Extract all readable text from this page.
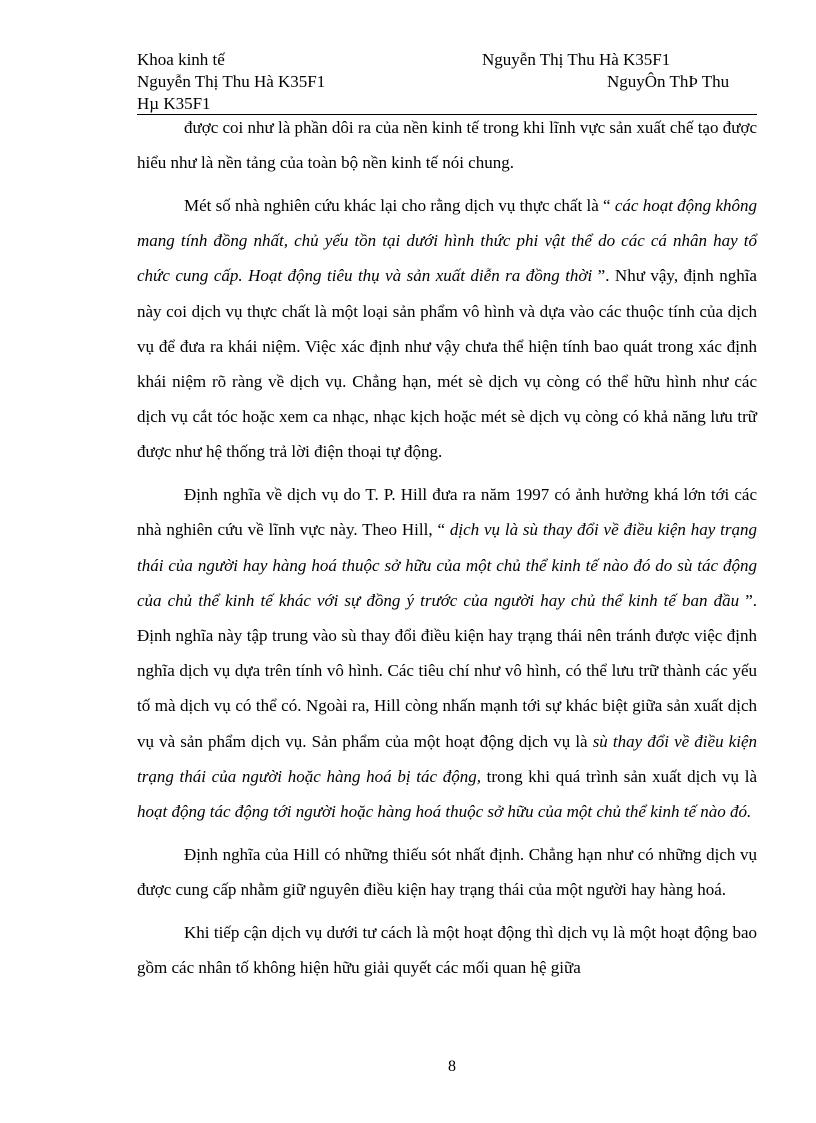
Khoa kinh tế	Nguyễn Thị Thu Hà K35F1
Nguyễn Thị Thu Hà K35F1	NguyÔn ThÞ Thu
Hµ K35F1

được coi như là phần dôi ra của nền kinh tế trong khi lĩnh vực sản xuất chế tạo được hiểu như là nền tảng của toàn bộ nền kinh tế nói chung.

Mét số nhà nghiên cứu khác lại cho rằng dịch vụ thực chất là “ các hoạt động không mang tính đồng nhất, chủ yếu tồn tại dưới hình thức phi vật thể do các cá nhân hay tổ chức cung cấp. Hoạt động tiêu thụ và sản xuất diễn ra đồng thời ”. Như vậy, định nghĩa này coi dịch vụ thực chất là một loại sản phẩm vô hình và dựa vào các thuộc tính của dịch vụ để đưa ra khái niệm. Việc xác định như vậy chưa thể hiện tính bao quát trong xác định khái niệm rõ ràng về dịch vụ. Chẳng hạn, mét sè dịch vụ còng có thể hữu hình như các dịch vụ cắt tóc hoặc xem ca nhạc, nhạc kịch hoặc mét sè dịch vụ còng có khả năng lưu trữ được như hệ thống trả lời điện thoại tự động.

Định nghĩa về dịch vụ do T. P. Hill đưa ra năm 1997 có ảnh hưởng khá lớn tới các nhà nghiên cứu về lĩnh vực này. Theo Hill, “ dịch vụ là sù thay đổi về điều kiện hay trạng thái của người hay hàng hoá thuộc sở hữu của một chủ thể kinh tế nào đó do sù tác động của chủ thể kinh tế khác với sự đồng ý trước của người hay chủ thể kinh tế ban đầu ”. Định nghĩa này tập trung vào sù thay đổi điều kiện hay trạng thái nên tránh được việc định nghĩa dịch vụ dựa trên tính vô hình. Các tiêu chí như vô hình, có thể lưu trữ thành các yếu tố mà dịch vụ có thể có. Ngoài ra, Hill còng nhấn mạnh tới sự khác biệt giữa sản xuất dịch vụ và sản phẩm dịch vụ. Sản phẩm của một hoạt động dịch vụ là sù thay đổi về điều kiện trạng thái của người hoặc hàng hoá bị tác động, trong khi quá trình sản xuất dịch vụ là hoạt động tác động tới người hoặc hàng hoá thuộc sở hữu của một chủ thể kinh tế nào đó.

Định nghĩa của Hill có những thiếu sót nhất định. Chẳng hạn như có những dịch vụ được cung cấp nhằm giữ nguyên điều kiện hay trạng thái của một người hay hàng hoá.

Khi tiếp cận dịch vụ dưới tư cách là một hoạt động thì dịch vụ là một hoạt động bao gồm các nhân tố không hiện hữu giải quyết các mối quan hệ giữa

8
